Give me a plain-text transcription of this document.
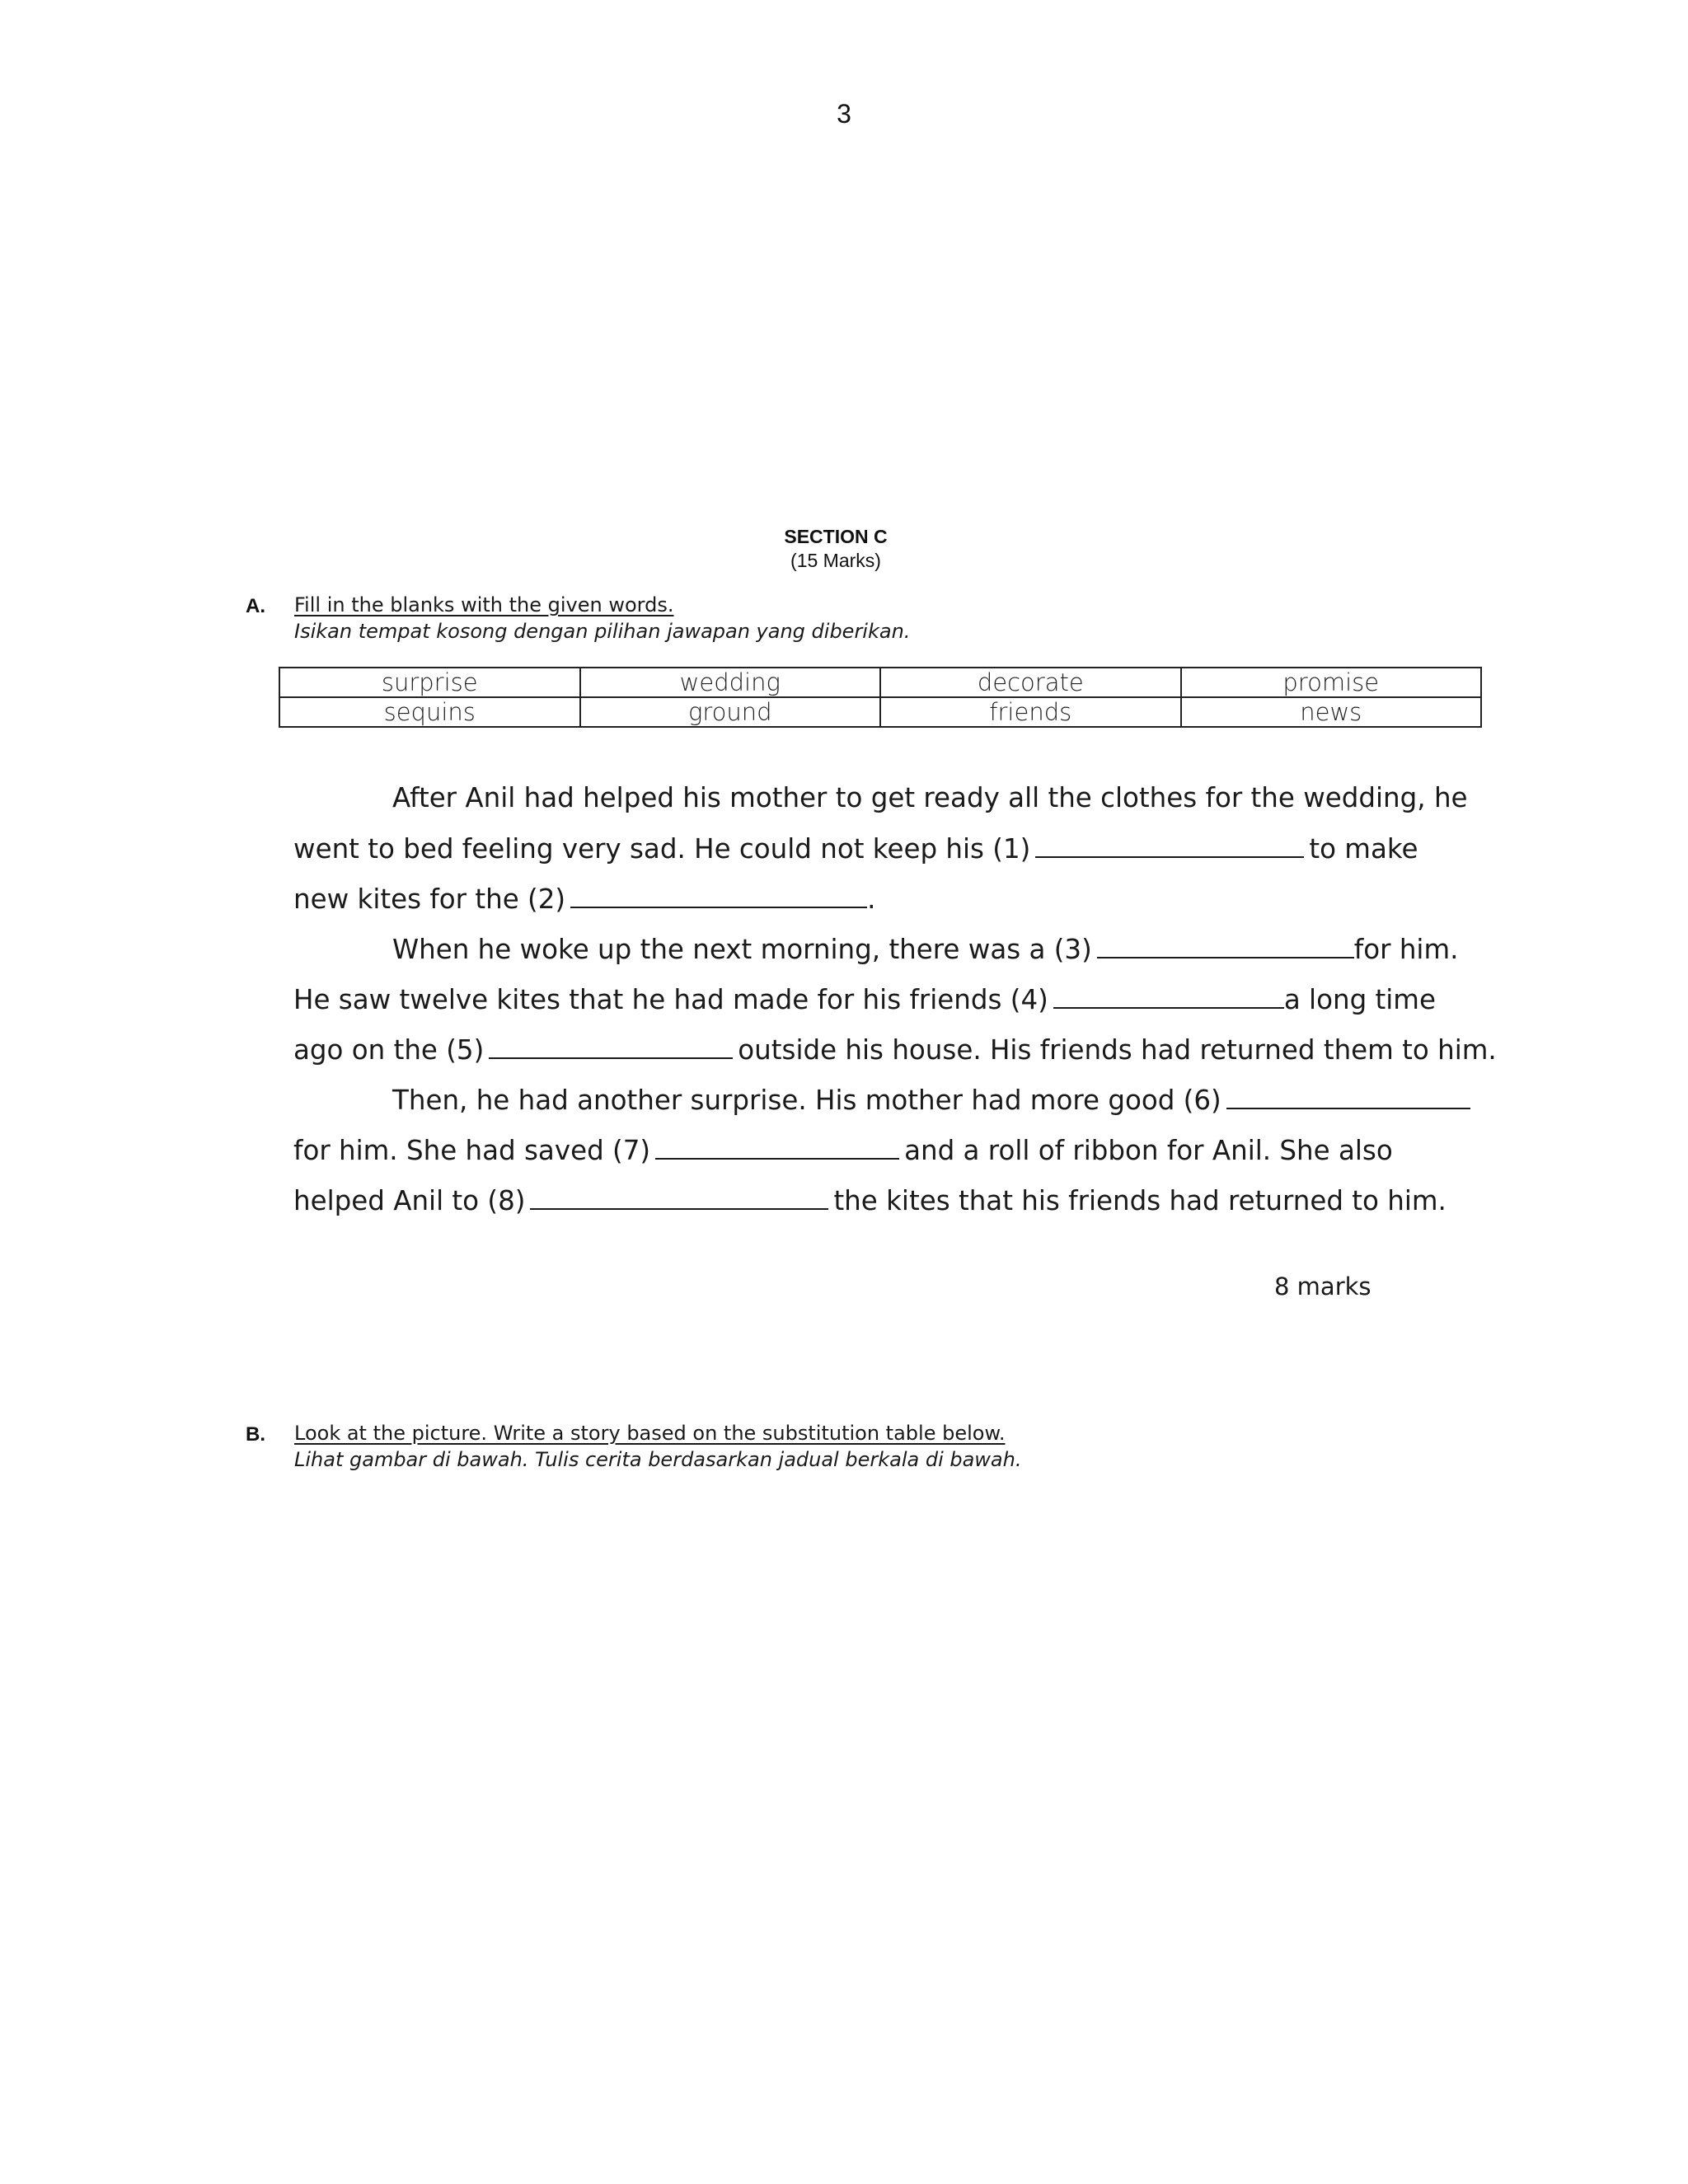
3
SECTION C
(15 Marks)
A. Fill in the blanks with the given words.
Isikan tempat kosong dengan pilihan jawapan yang diberikan.
surprise	wedding	decorate	promise
sequins	ground	friends	news
After Anil had helped his mother to get ready all the clothes for the wedding, he
went to bed feeling very sad. He could not keep his (1)	to make
new kites for the (2)	.
When he woke up the next morning, there was a (3)	for him.
He saw twelve kites that he had made for his friends (4)	a long time
ago on the (5)	outside his house. His friends had returned them to him.
Then, he had another surprise. His mother had more good (6)
for him. She had saved (7)	and a roll of ribbon for Anil. She also
helped Anil to (8)	the kites that his friends had returned to him.
8 marks
B. Look at the picture. Write a story based on the substitution table below.
Lihat gambar di bawah. Tulis cerita berdasarkan jadual berkala di bawah.
